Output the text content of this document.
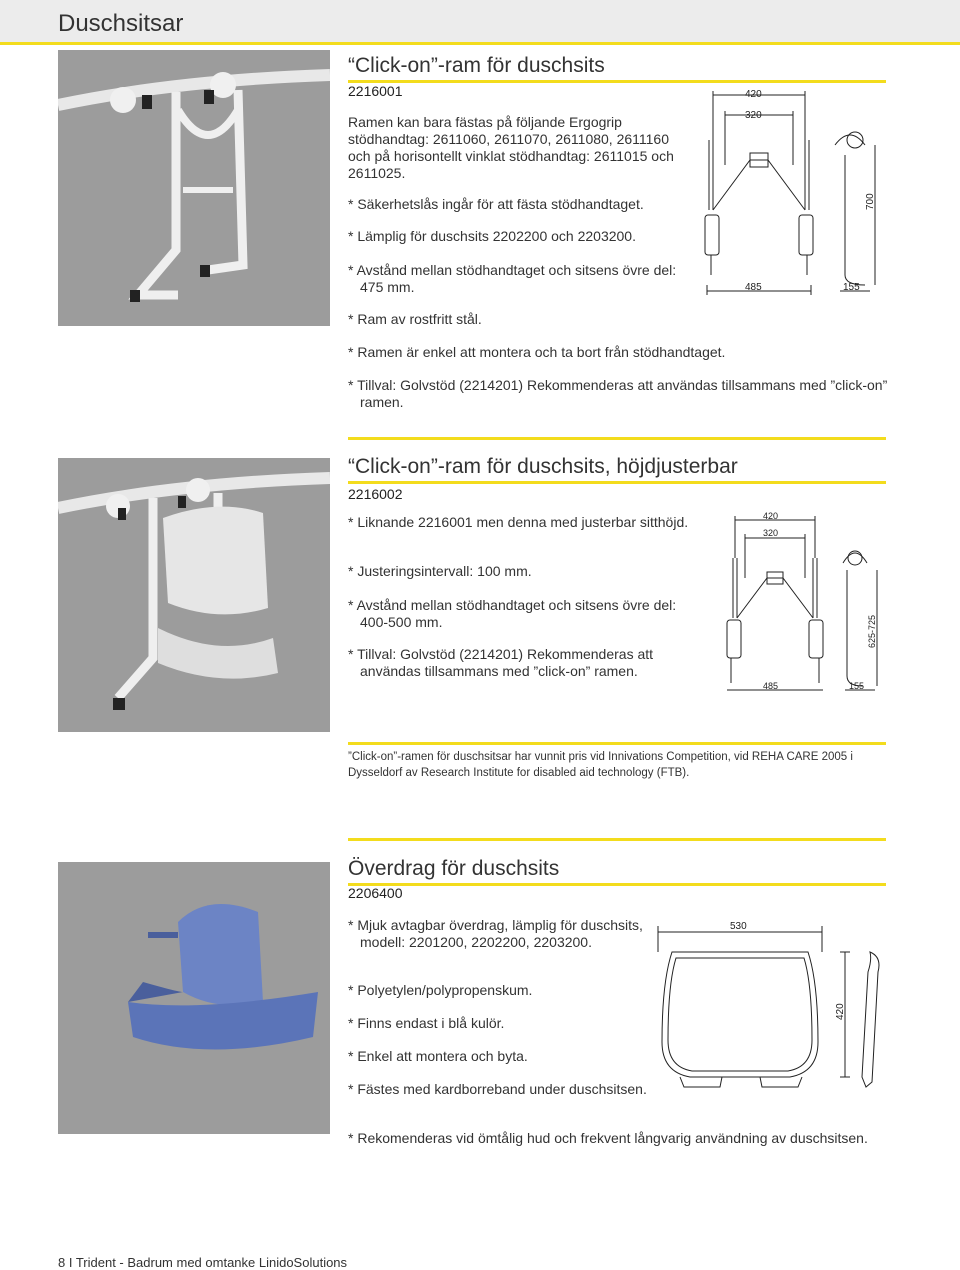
Duschsitsar
“Click-on”-ram för duschsits
2216001

Ramen kan bara fästas på följande Ergogrip stödhandtag: 2611060, 2611070, 2611080, 2611160 och på horisontellt vinklat stödhandtag: 2611015 och 2611025.

* Säkerhetslås ingår för att fästa stödhandtaget.
* Lämplig för duschsits 2202200 och 2203200.
* Avstånd mellan stödhandtaget och sitsens övre del: 475 mm.
* Ram av rostfritt stål.
* Ramen är enkel att montera och ta bort från stödhandtaget.
* Tillval: Golvstöd (2214201) Rekommenderas att användas tillsammans med ”click-on” ramen.
420
320
485	155
700
“Click-on”-ram för duschsits, höjdjusterbar
2216002
* Liknande 2216001 men denna med justerbar sitthöjd.
* Justeringsintervall: 100 mm.
* Avstånd mellan stödhandtaget och sitsens övre del: 400-500 mm.
* Tillval: Golvstöd (2214201) Rekommenderas att användas tillsammans med ”click-on” ramen.
420
320
485	155
625-725
”Click-on”-ramen för duschsitsar har vunnit pris vid Innivations Competition, vid REHA CARE 2005 i Dysseldorf av Research Institute for disabled aid technology (FTB).
Överdrag för duschsits
2206400
* Mjuk avtagbar överdrag, lämplig för duschsits, modell: 2201200, 2202200, 2203200.
* Polyetylen/polypropenskum.
* Finns endast i blå kulör.
* Enkel att montera och byta.
* Fästes med kardborreband under duschsitsen.
* Rekomenderas vid ömtålig hud och frekvent långvarig användning av duschsitsen.
530
420
8 I Trident - Badrum med omtanke LinidoSolutions
